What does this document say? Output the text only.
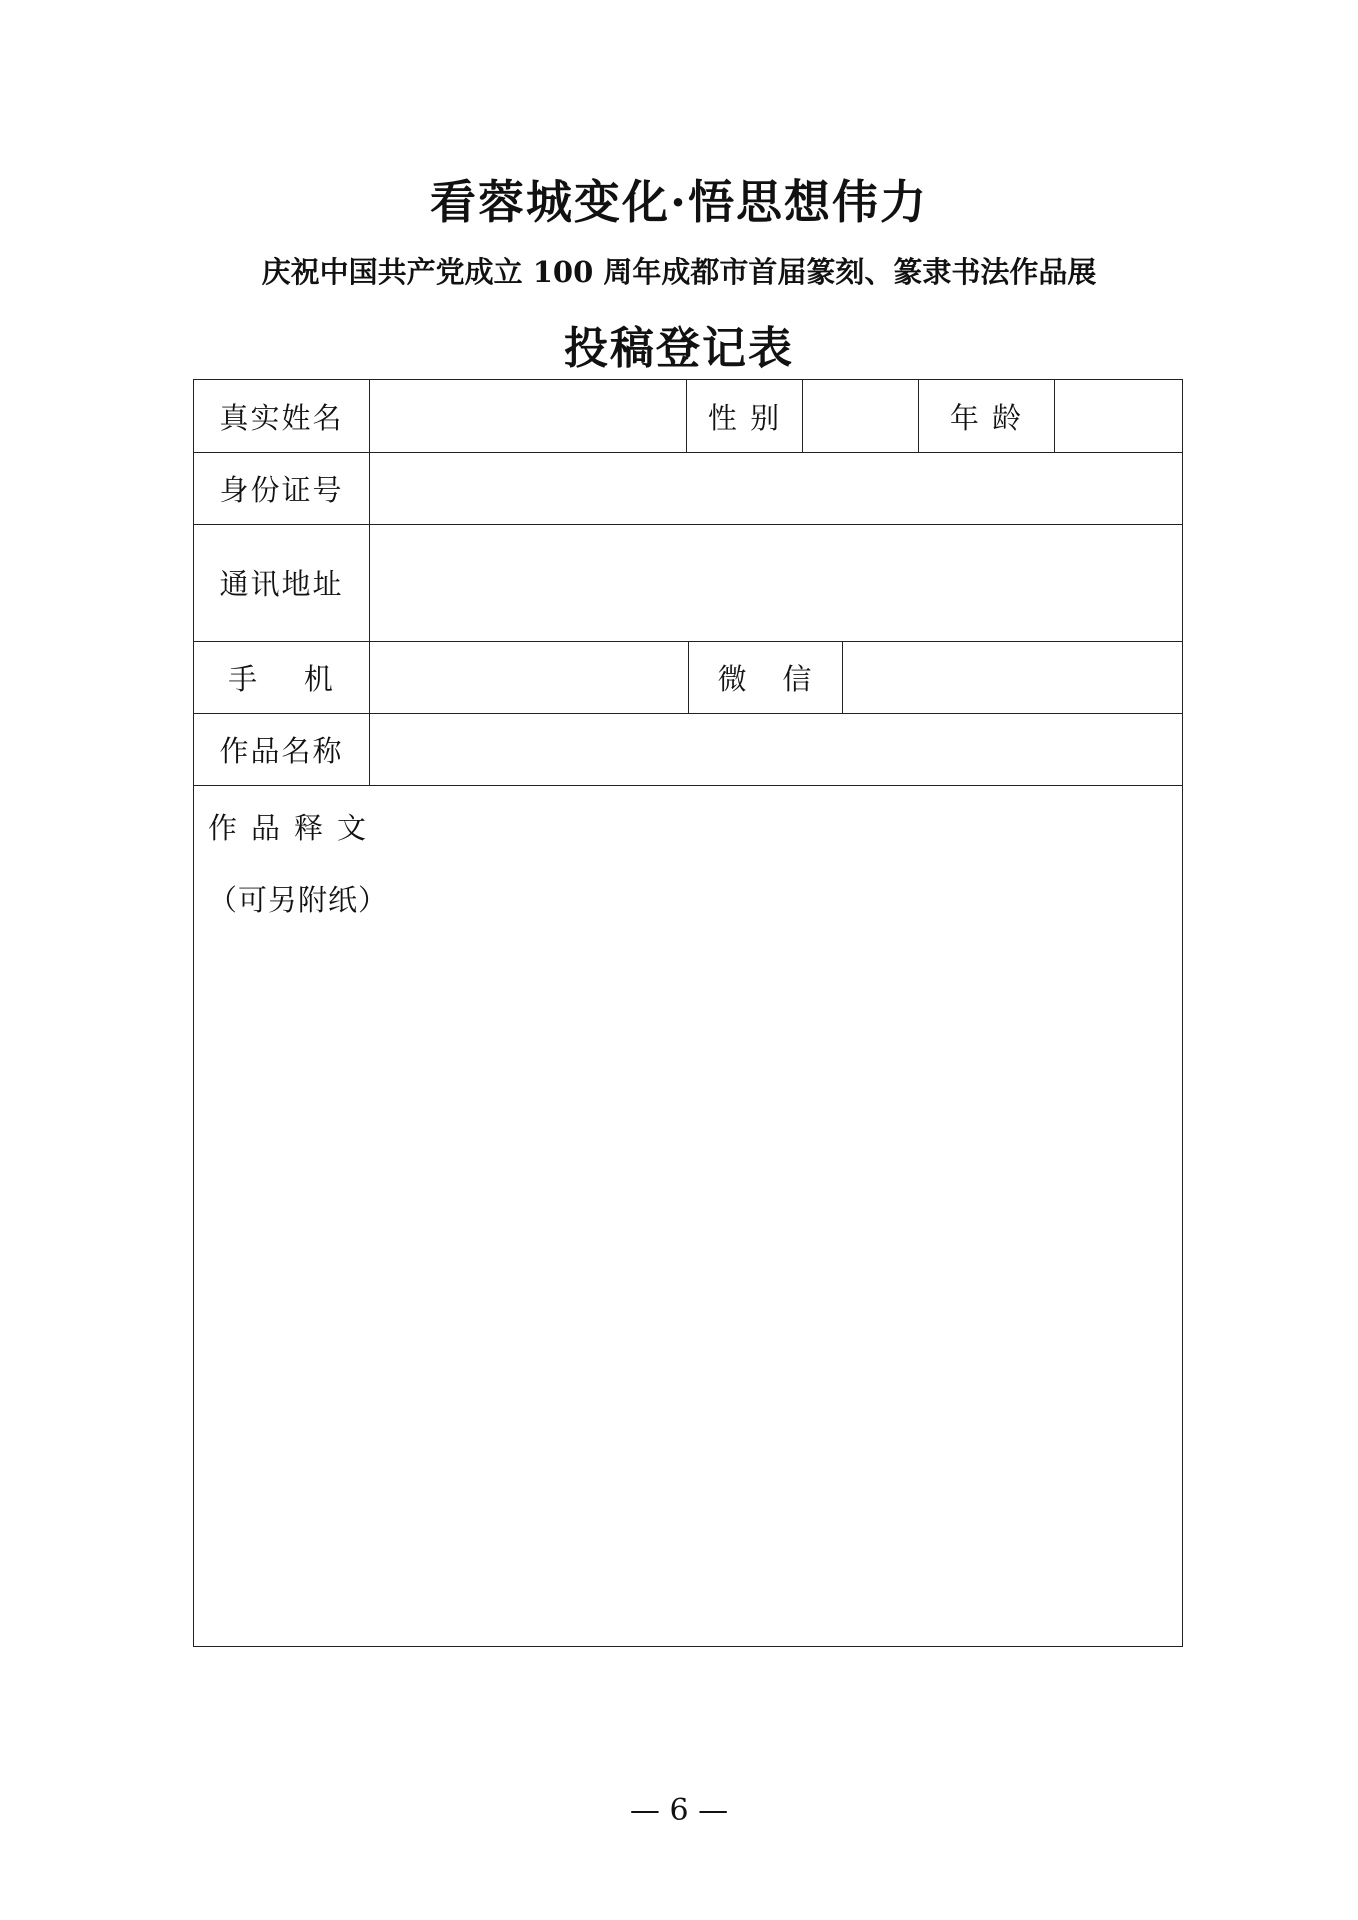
看蓉城变化·悟思想伟力
庆祝中国共产党成立 100 周年成都市首届篆刻、篆隶书法作品展
投稿登记表
真实姓名	性 别	年 龄
身份证号
通讯地址
手    机	微   信
作品名称
作品释文
（可另附纸）
— 6 —
